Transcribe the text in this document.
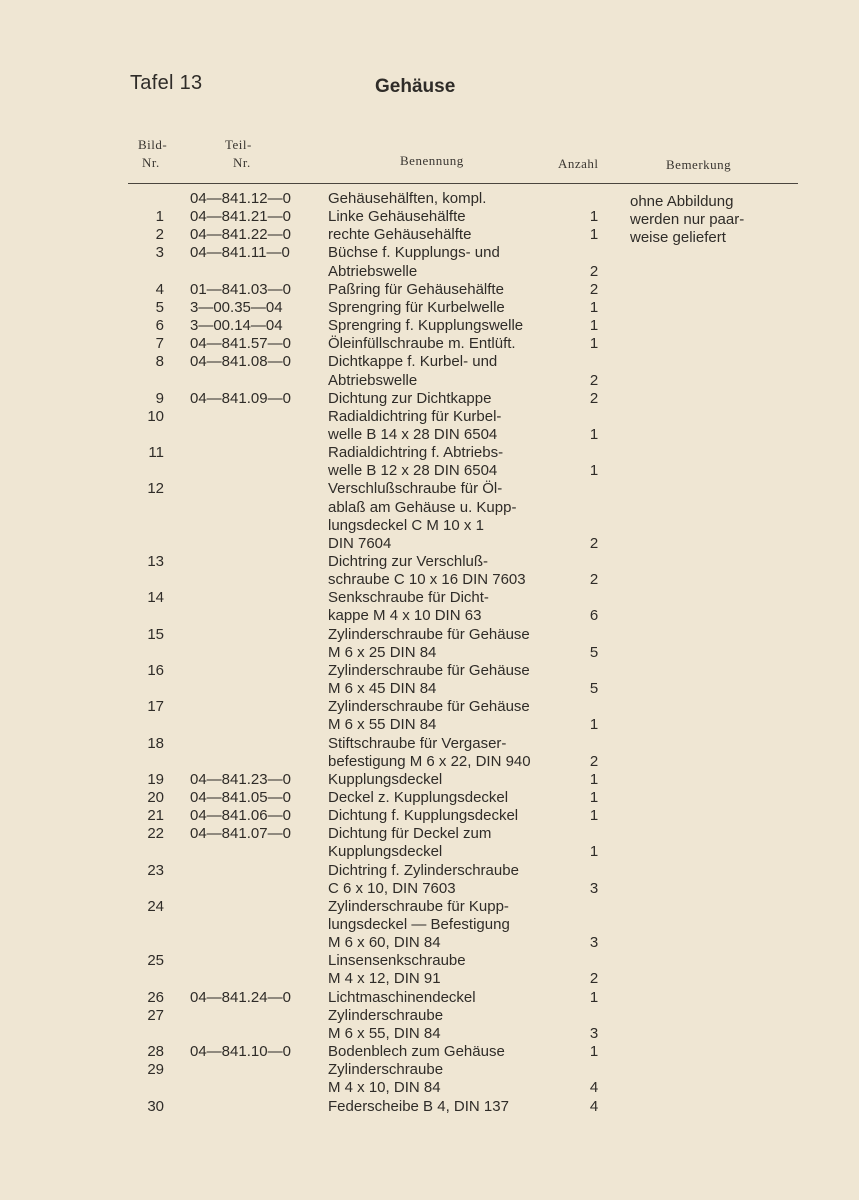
Tafel 13	Gehäuse
Bild-
Nr.
Teil-
Nr.	Benennung	Anzahl	Bemerkung
ohne Abbildung
werden nur paar-
weise geliefert
04—841.12—0	Gehäusehälften, kompl.
1 04—841.21—0	Linke Gehäusehälfte	1
2 04—841.22—0	rechte Gehäusehälfte	1
3 04—841.11—0	Büchse f. Kupplungs- und
Abtriebswelle	2
4 01—841.03—0	Paßring für Gehäusehälfte	2
5 3—00.35—04	Sprengring für Kurbelwelle	1
6 3—00.14—04	Sprengring f. Kupplungswelle	1
7 04—841.57—0	Öleinfüllschraube m. Entlüft.	1
8 04—841.08—0	Dichtkappe f. Kurbel- und
Abtriebswelle	2
9 04—841.09—0	Dichtung zur Dichtkappe	2
10	Radialdichtring für Kurbel-
welle B 14 x 28 DIN 6504	1
11	Radialdichtring f. Abtriebs-
welle B 12 x 28 DIN 6504	1
12	Verschlußschraube für Öl-
ablaß am Gehäuse u. Kupp-
lungsdeckel C M 10 x 1
DIN 7604	2
13	Dichtring zur Verschluß-
schraube C 10 x 16 DIN 7603	2
14	Senkschraube für Dicht-
kappe M 4 x 10 DIN 63	6
15	Zylinderschraube für Gehäuse
M 6 x 25 DIN 84	5
16	Zylinderschraube für Gehäuse
M 6 x 45 DIN 84	5
17	Zylinderschraube für Gehäuse
M 6 x 55 DIN 84	1
18	Stiftschraube für Vergaser-
befestigung M 6 x 22, DIN 940	2
19 04—841.23—0	Kupplungsdeckel	1
20 04—841.05—0	Deckel z. Kupplungsdeckel	1
21 04—841.06—0	Dichtung f. Kupplungsdeckel	1
22 04—841.07—0	Dichtung für Deckel zum
Kupplungsdeckel	1
23	Dichtring f. Zylinderschraube
C 6 x 10, DIN 7603	3
24	Zylinderschraube für Kupp-
lungsdeckel — Befestigung
M 6 x 60, DIN 84	3
25	Linsensenkschraube
M 4 x 12, DIN 91	2
26 04—841.24—0	Lichtmaschinendeckel	1
27	Zylinderschraube
M 6 x 55, DIN 84	3
28 04—841.10—0	Bodenblech zum Gehäuse	1
29	Zylinderschraube
M 4 x 10, DIN 84	4
30	Federscheibe B 4, DIN 137	4
